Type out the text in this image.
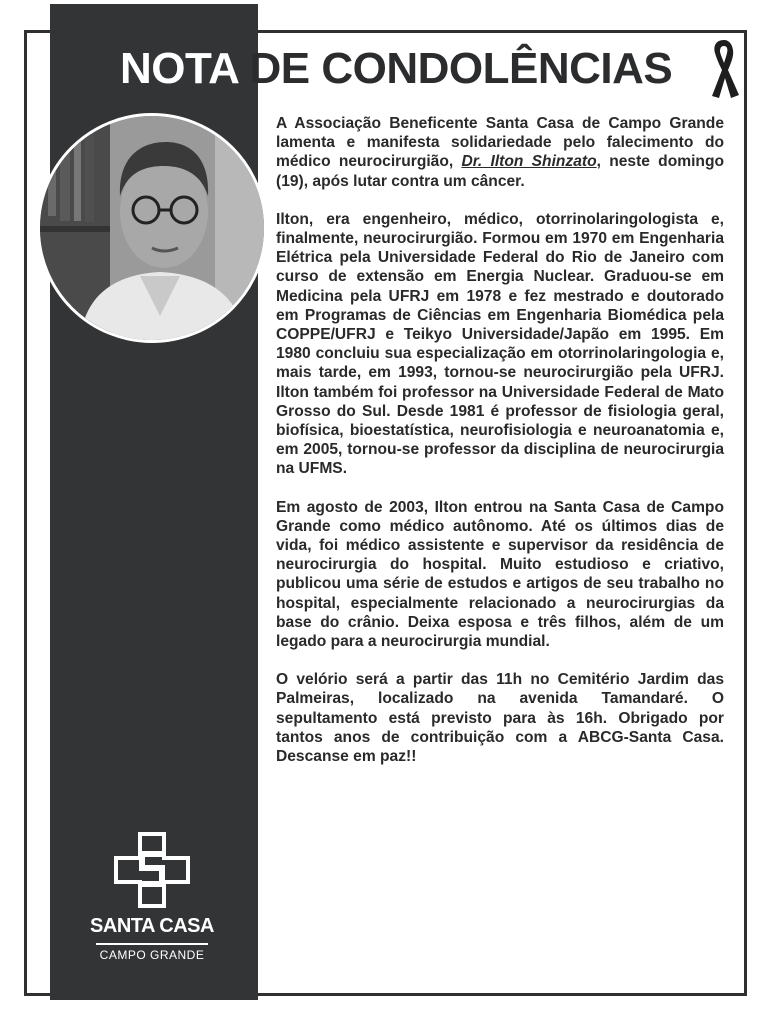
NOTA DE CONDOLÊNCIAS

A Associação Beneficente Santa Casa de Campo Grande lamenta e manifesta solidariedade pelo falecimento do médico neurocirurgião, Dr. Ilton Shinzato, neste domingo (19), após lutar contra um câncer.

Ilton, era engenheiro, médico, otorrinolaringologista e, finalmente, neurocirurgião. Formou em 1970 em Engenharia Elétrica pela Universidade Federal do Rio de Janeiro com curso de extensão em Energia Nuclear. Graduou-se em Medicina pela UFRJ em 1978 e fez mestrado e doutorado em Programas de Ciências em Engenharia Biomédica pela COPPE/UFRJ e Teikyo Universidade/Japão em 1995. Em 1980 concluiu sua especialização em otorrinolaringologia e, mais tarde, em 1993, tornou-se neurocirurgião pela UFRJ. Ilton também foi professor na Universidade Federal de Mato Grosso do Sul. Desde 1981 é professor de fisiologia geral, biofísica, bioestatística, neurofisiologia e neuroanatomia e, em 2005, tornou-se professor da disciplina de neurocirurgia na UFMS.

Em agosto de 2003, Ilton entrou na Santa Casa de Campo Grande como médico autônomo. Até os últimos dias de vida, foi médico assistente e supervisor da residência de neurocirurgia do hospital. Muito estudioso e criativo, publicou uma série de estudos e artigos de seu trabalho no hospital, especialmente relacionado a neurocirurgias da base do crânio. Deixa esposa e três filhos, além de um legado para a neurocirurgia mundial.

O velório será a partir das 11h no Cemitério Jardim das Palmeiras, localizado na avenida Tamandaré. O sepultamento está previsto para às 16h. Obrigado por tantos anos de contribuição com a ABCG-Santa Casa. Descanse em paz!!

SANTA CASA
CAMPO GRANDE
